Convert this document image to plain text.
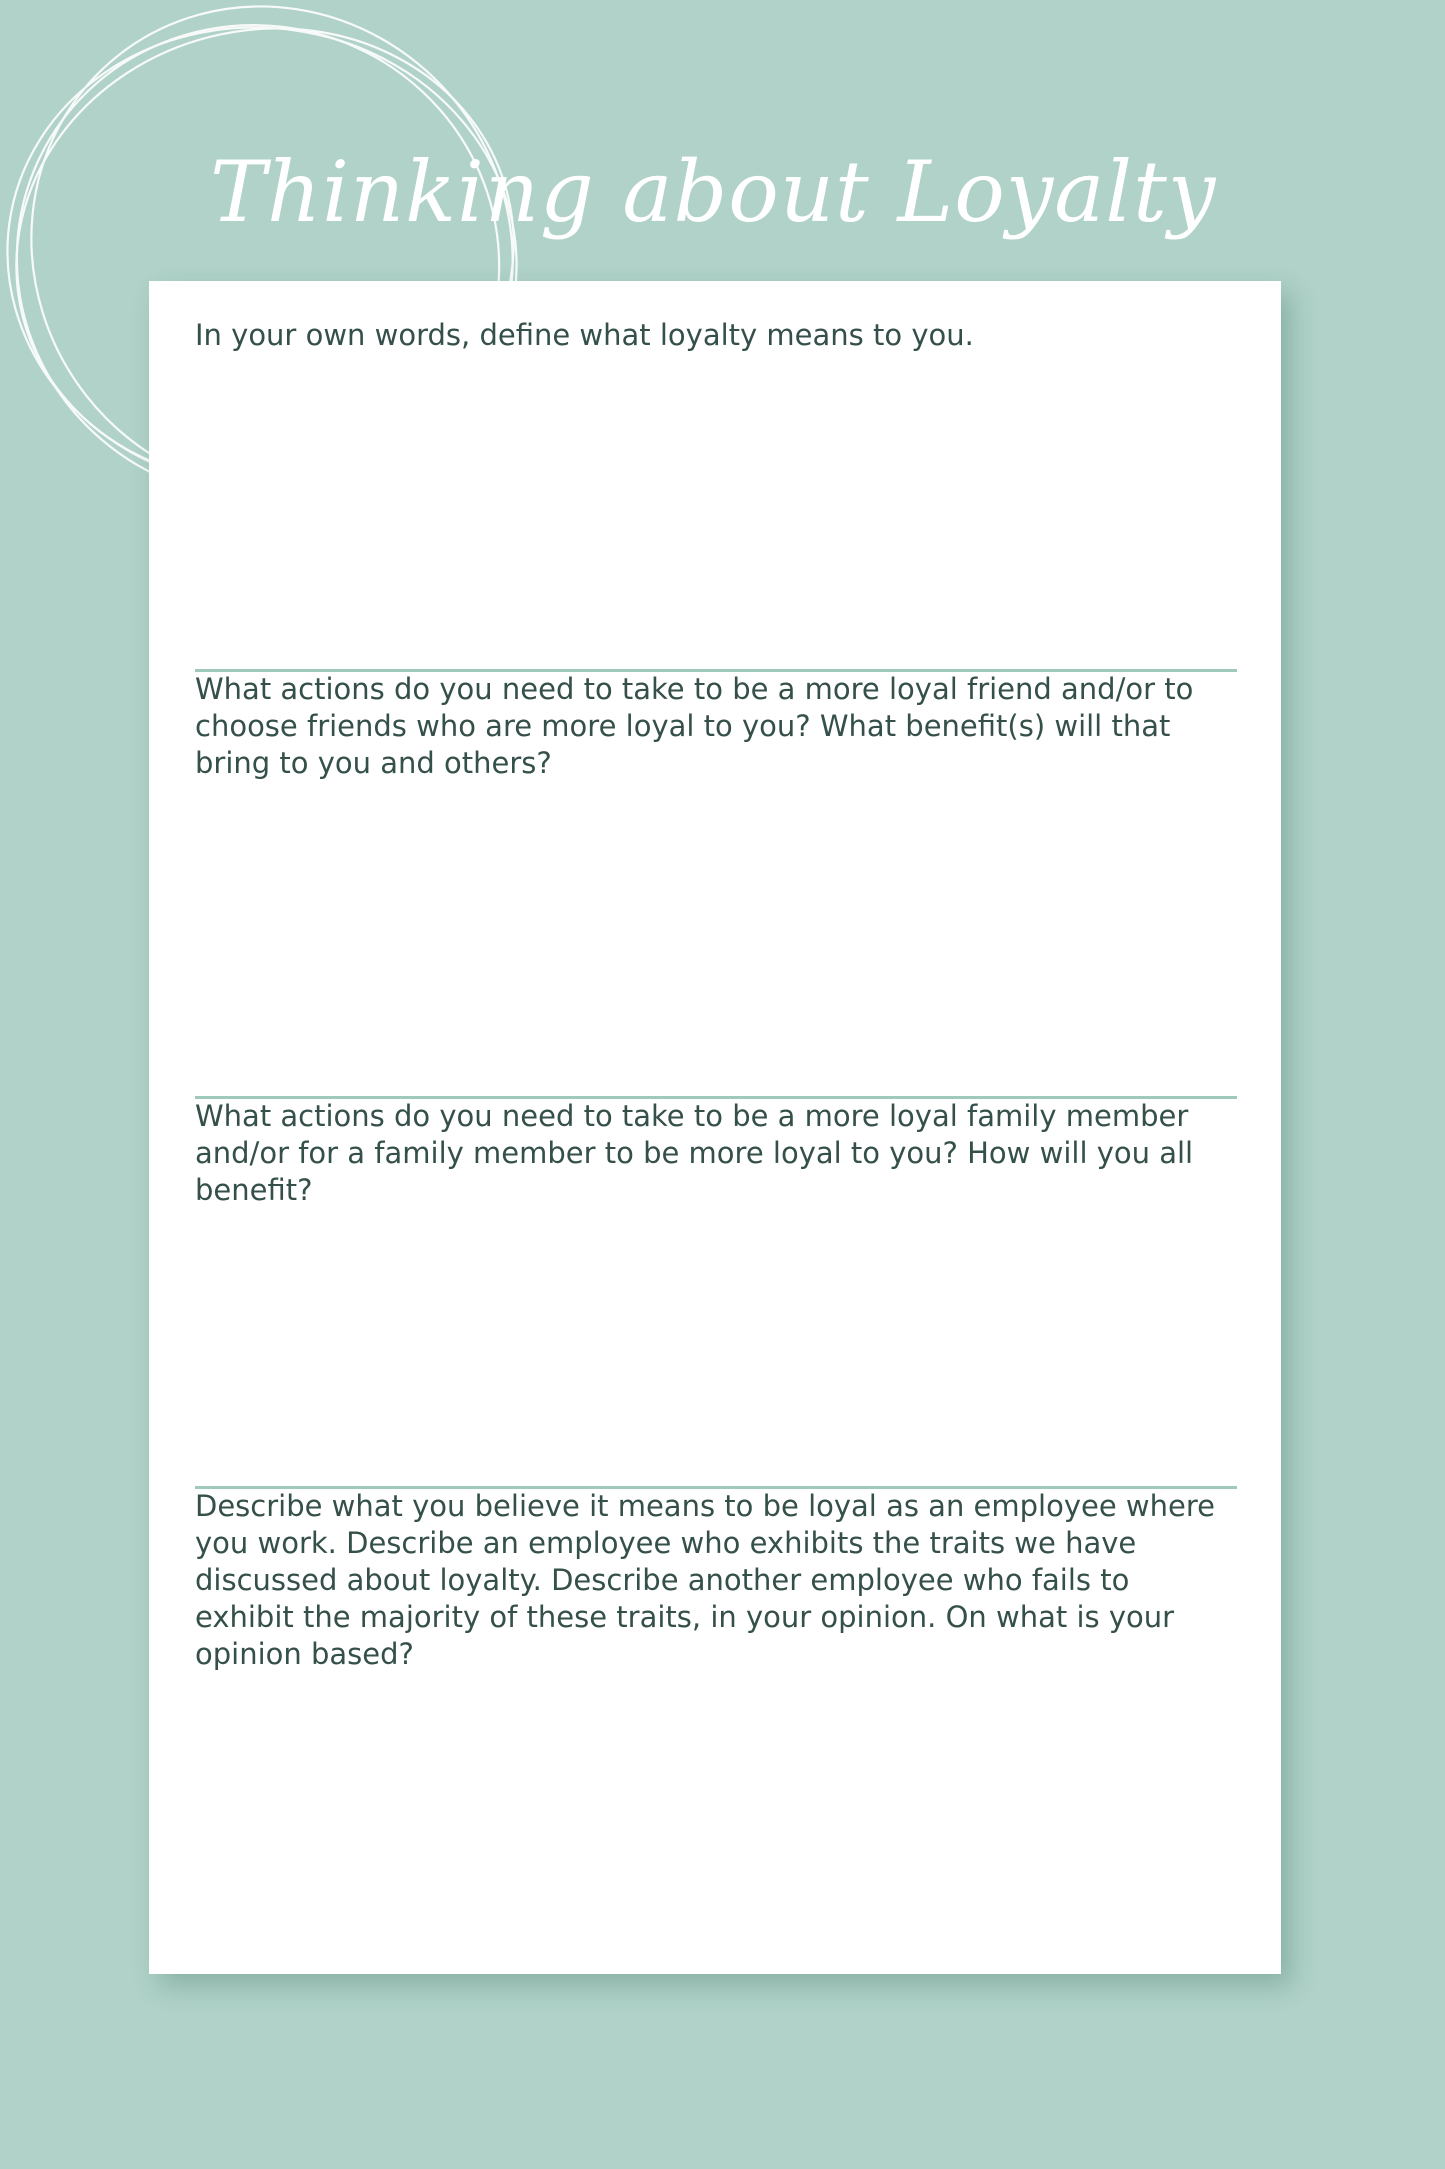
Thinking about Loyalty

In your own words, define what loyalty means to you.

What actions do you need to take to be a more loyal friend and/or to choose friends who are more loyal to you? What benefit(s) will that bring to you and others?

What actions do you need to take to be a more loyal family member and/or for a family member to be more loyal to you? How will you all benefit?

Describe what you believe it means to be loyal as an employee where you work. Describe an employee who exhibits the traits we have discussed about loyalty. Describe another employee who fails to exhibit the majority of these traits, in your opinion. On what is your opinion based?
